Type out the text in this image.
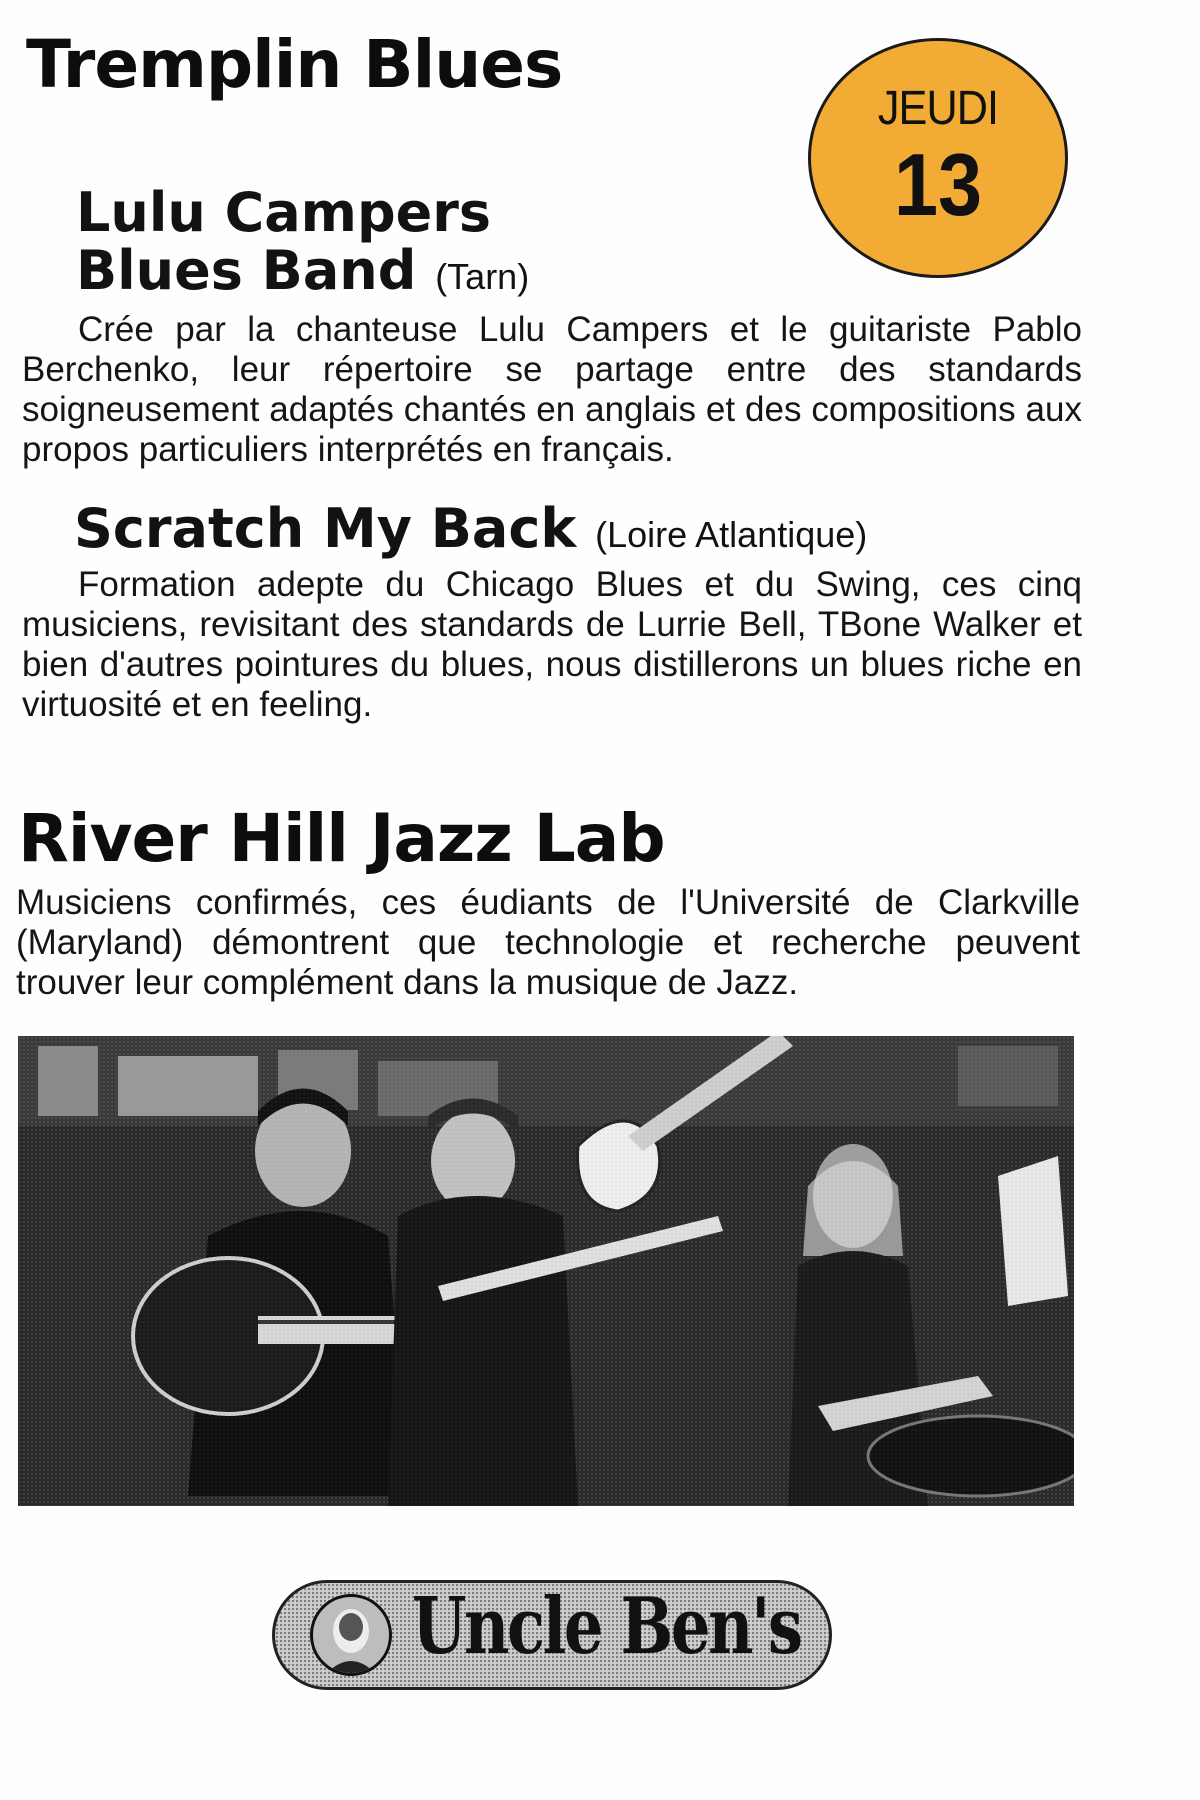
Tremplin Blues
JEUDI
13
Lulu Campers
Blues Band (Tarn)

Crée par la chanteuse Lulu Campers et le guitariste Pablo Berchenko, leur répertoire se partage entre des standards soigneusement adaptés chantés en anglais et des compositions aux propos particuliers interprétés en français.

Scratch My Back (Loire Atlantique)

Formation adepte du Chicago Blues et du Swing, ces cinq musiciens, revisitant des standards de Lurrie Bell, TBone Walker et bien d'autres pointures du blues, nous distillerons un blues riche en virtuosité et en feeling.

River Hill Jazz Lab

Musiciens confirmés, ces éudiants de l'Université de Clarkville (Maryland) démontrent que technologie et recherche peuvent trouver leur complément dans la musique de Jazz.

Uncle Ben's
